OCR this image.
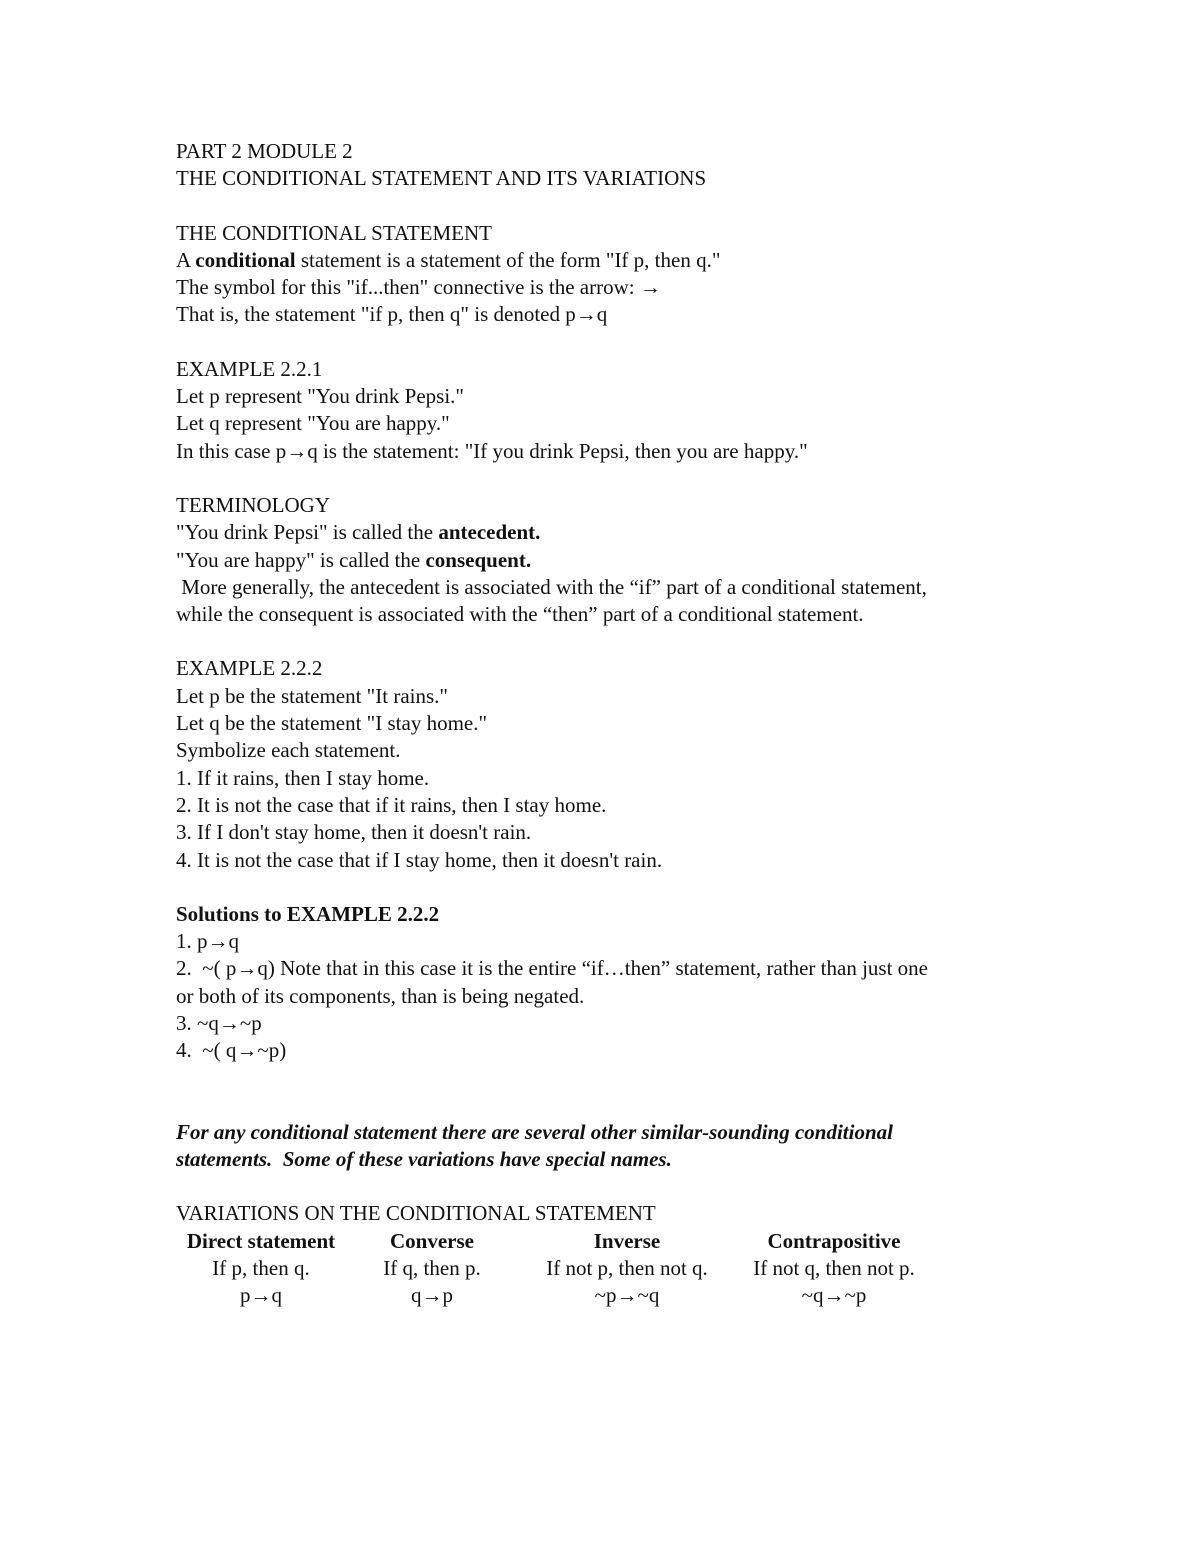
PART 2 MODULE 2
THE CONDITIONAL STATEMENT AND ITS VARIATIONS
THE CONDITIONAL STATEMENT
A conditional statement is a statement of the form "If p, then q."
The symbol for this "if...then" connective is the arrow: →
That is, the statement "if p, then q" is denoted p→q
EXAMPLE 2.2.1
Let p represent "You drink Pepsi."
Let q represent "You are happy."
In this case p→q is the statement: "If you drink Pepsi, then you are happy."
TERMINOLOGY
"You drink Pepsi" is called the antecedent.
"You are happy" is called the consequent.
More generally, the antecedent is associated with the “if” part of a conditional statement,
while the consequent is associated with the “then” part of a conditional statement.
EXAMPLE 2.2.2
Let p be the statement "It rains."
Let q be the statement "I stay home."
Symbolize each statement.
1. If it rains, then I stay home.
2. It is not the case that if it rains, then I stay home.
3. If I don't stay home, then it doesn't rain.
4. It is not the case that if I stay home, then it doesn't rain.
Solutions to EXAMPLE 2.2.2
1. p→q
2.  ~( p→q) Note that in this case it is the entire “if…then” statement, rather than just one
or both of its components, than is being negated.
3. ~q→~p
4.  ~( q→~p)
For any conditional statement there are several other similar-sounding conditional
statements.  Some of these variations have special names.
VARIATIONS ON THE CONDITIONAL STATEMENT
Direct statement
If p, then q.
p→q
Converse
If q, then p.
q→p
Inverse
If not p, then not q.
~p→~q
Contrapositive
If not q, then not p.
~q→~p
